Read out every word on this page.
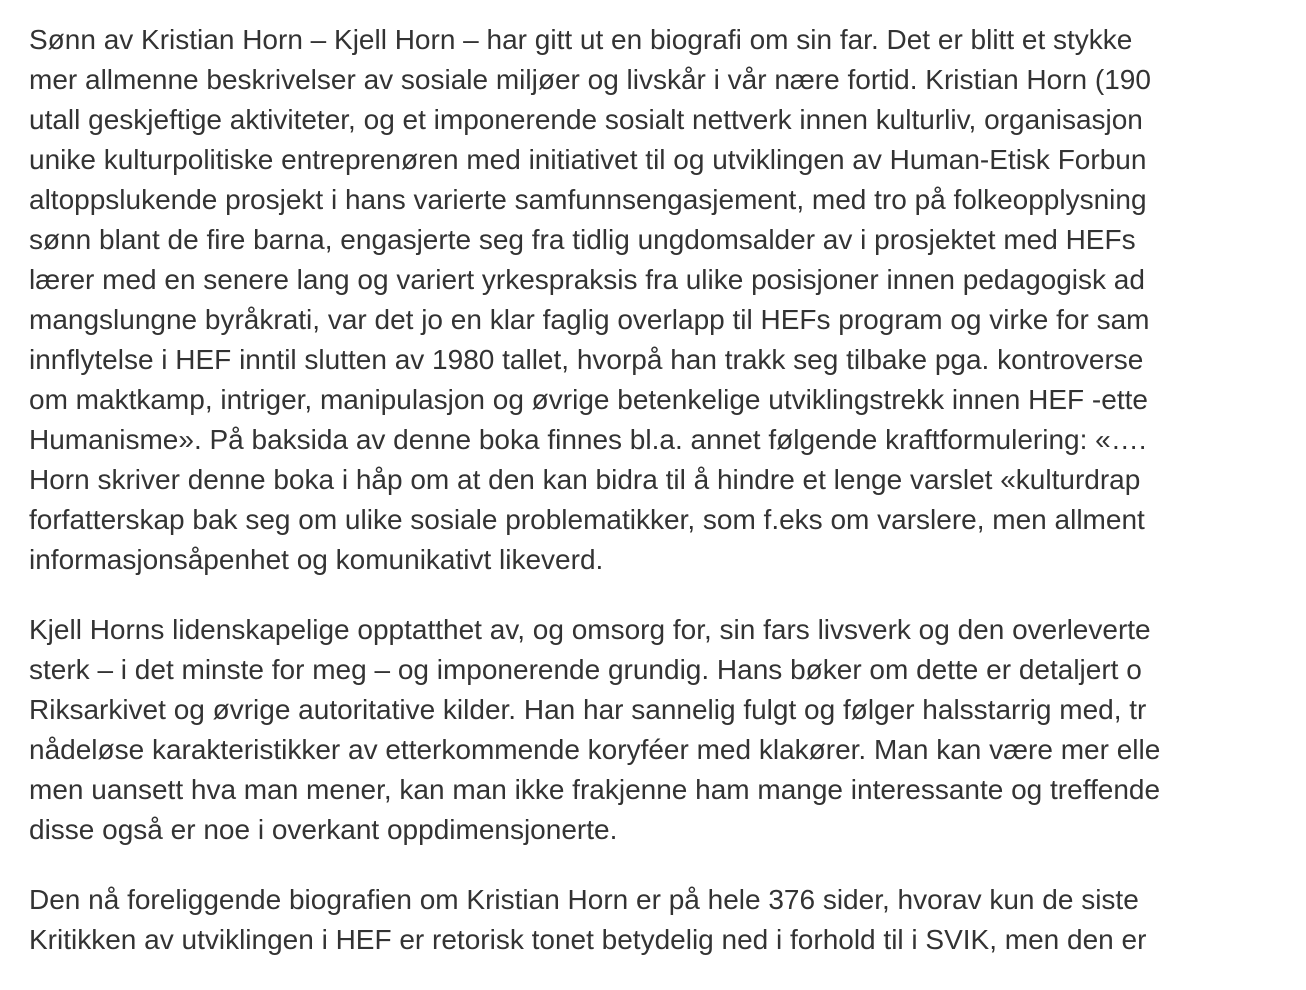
Sønn av Kristian Horn – Kjell Horn – har gitt ut en biografi om sin far. Det er blitt et stykke
mer allmenne beskrivelser av sosiale miljøer og livskår i vår nære fortid. Kristian Horn (190
utall geskjeftige aktiviteter, og et imponerende sosialt nettverk innen kulturliv, organisasjon
unike kulturpolitiske entreprenøren med initiativet til og utviklingen av Human-Etisk Forbun
altoppslukende prosjekt i hans varierte samfunnsengasjement, med tro på folkeopplysning
sønn blant de fire barna, engasjerte seg fra tidlig ungdomsalder av i prosjektet med HEFs
lærer med en senere lang og variert yrkespraksis fra ulike posisjoner innen pedagogisk ad
mangslungne byråkrati, var det jo en klar faglig overlapp til HEFs program og virke for sam
innflytelse i HEF inntil slutten av 1980 tallet, hvorpå han trakk seg tilbake pga. kontroverse
om maktkamp, intriger, manipulasjon og øvrige betenkelige utviklingstrekk innen HEF -ette
Humanisme». På baksida av denne boka finnes bl.a. annet følgende kraftformulering: «….
Horn skriver denne boka i håp om at den kan bidra til å hindre et lenge varslet «kulturdrap
forfatterskap bak seg om ulike sosiale problematikker, som f.eks om varslere, men allment
informasjonsåpenhet og komunikativt likeverd.

Kjell Horns lidenskapelige opptatthet av, og omsorg for, sin fars livsverk og den overleverte
sterk – i det minste for meg – og imponerende grundig. Hans bøker om dette er detaljert o
Riksarkivet og øvrige autoritative kilder. Han har sannelig fulgt og følger halsstarrig med, tr
nådeløse karakteristikker av etterkommende koryféer med klakører. Man kan være mer elle
men uansett hva man mener, kan man ikke frakjenne ham mange interessante og treffende
disse også er noe i overkant oppdimensjonerte.

Den nå foreliggende biografien om Kristian Horn er på hele 376 sider, hvorav kun de siste
Kritikken av utviklingen i HEF er retorisk tonet betydelig ned i forhold til i SVIK, men den er
